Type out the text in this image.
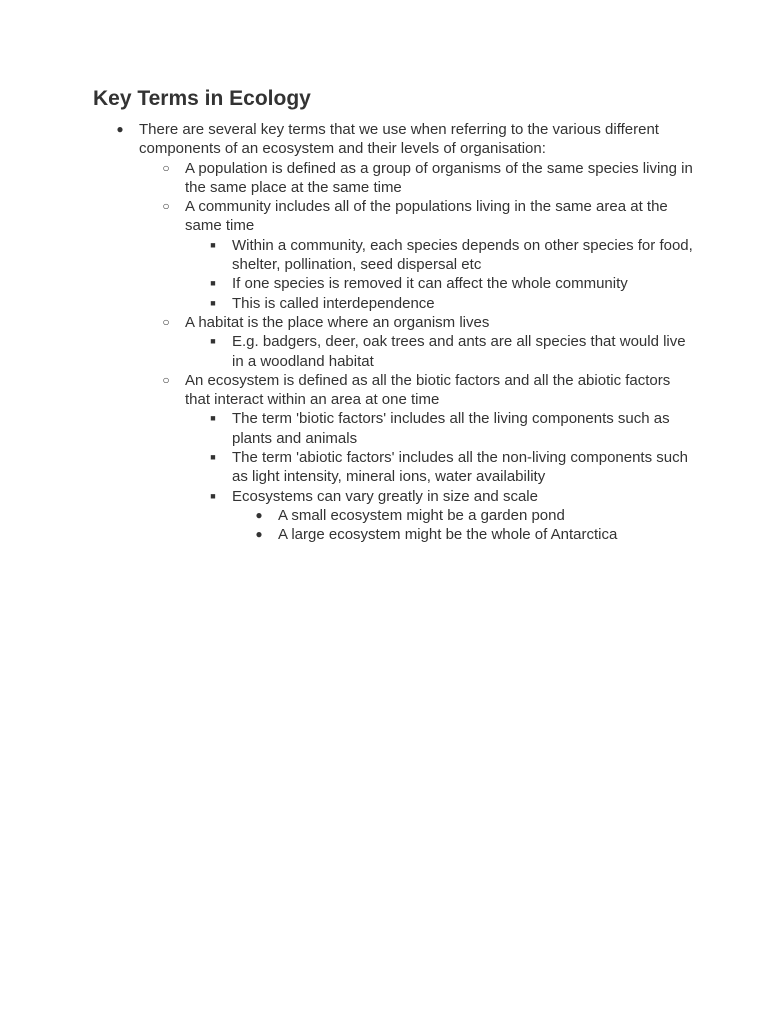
Key Terms in Ecology
● There are several key terms that we use when referring to the various different components of an ecosystem and their levels of organisation:
○ A population is defined as a group of organisms of the same species living in the same place at the same time
○ A community includes all of the populations living in the same area at the same time
■ Within a community, each species depends on other species for food, shelter, pollination, seed dispersal etc
■ If one species is removed it can affect the whole community
■ This is called interdependence
○ A habitat is the place where an organism lives
■ E.g. badgers, deer, oak trees and ants are all species that would live in a woodland habitat
○ An ecosystem is defined as all the biotic factors and all the abiotic factors that interact within an area at one time
■ The term 'biotic factors' includes all the living components such as plants and animals
■ The term 'abiotic factors' includes all the non-living components such as light intensity, mineral ions, water availability
■ Ecosystems can vary greatly in size and scale
● A small ecosystem might be a garden pond
● A large ecosystem might be the whole of Antarctica
